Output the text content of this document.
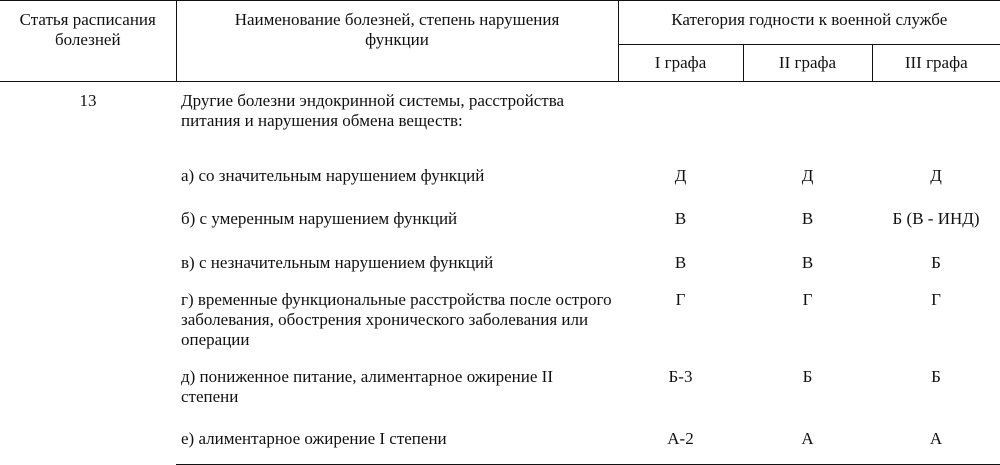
Статья расписания болезней	Наименование болезней, степень нарушения функции	Категория годности к военной службе		
		I графа	II графа	III графа
13	Другие болезни эндокринной системы, расстройства питания и нарушения обмена веществ:			
	а) со значительным нарушением функций	Д	Д	Д
	б) с умеренным нарушением функций	В	В	Б (В - ИНД)
	в) с незначительным нарушением функций	В	В	Б
	г) временные функциональные расстройства после острого заболевания, обострения хронического заболевания или операции	Г	Г	Г
	д) пониженное питание, алиментарное ожирение II степени	Б-3	Б	Б
	е) алиментарное ожирение I степени	А-2	А	А
